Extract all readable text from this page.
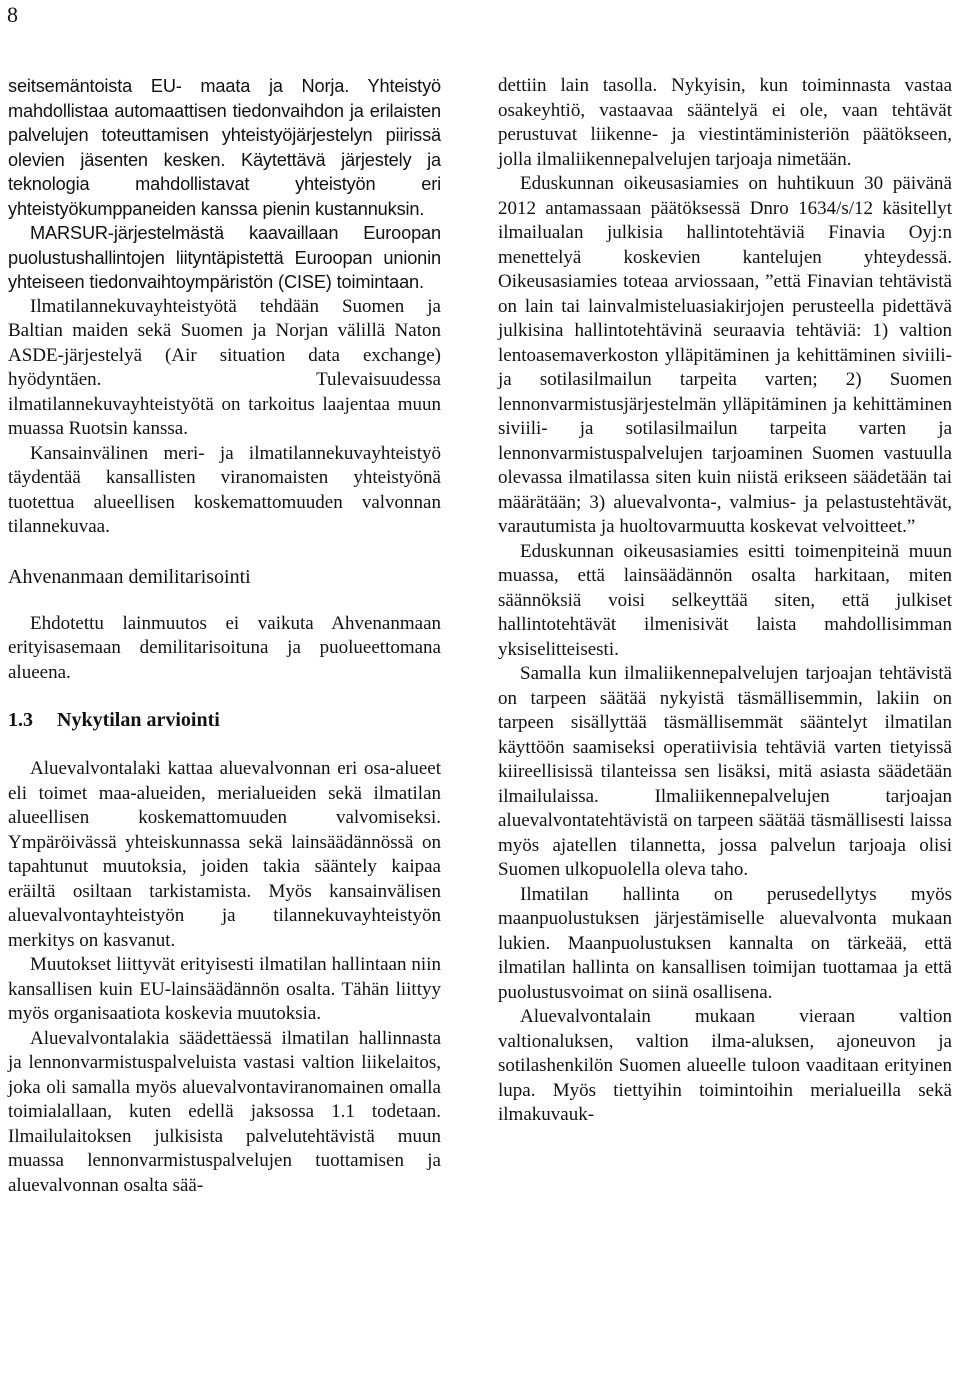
8

seitsemäntoista EU- maata ja Norja. Yhteistyö mahdollistaa automaattisen tiedonvaihdon ja erilaisten palvelujen toteuttamisen yhteistyöjärjestelyn piirissä olevien jäsenten kesken. Käytettävä järjestely ja teknologia mahdollistavat yhteistyön eri yhteistyökumppaneiden kanssa pienin kustannuksin.

MARSUR-järjestelmästä kaavaillaan Euroopan puolustushallintojen liityntäpistettä Euroopan unionin yhteiseen tiedonvaihtoympäristön (CISE) toimintaan.

Ilmatilannekuvayhteistyötä tehdään Suomen ja Baltian maiden sekä Suomen ja Norjan välillä Naton ASDE-järjestelyä (Air situation data exchange) hyödyntäen. Tulevaisuudessa ilmatilannekuvayhteistyötä on tarkoitus laajentaa muun muassa Ruotsin kanssa.

Kansainvälinen meri- ja ilmatilannekuvayhteistyö täydentää kansallisten viranomaisten yhteistyönä tuotettua alueellisen koskemattomuuden valvonnan tilannekuvaa.

Ahvenanmaan demilitarisointi

Ehdotettu lainmuutos ei vaikuta Ahvenanmaan erityisasemaan demilitarisoituna ja puolueettomana alueena.

1.3 Nykytilan arviointi

Aluevalvontalaki kattaa aluevalvonnan eri osa-alueet eli toimet maa-alueiden, merialueiden sekä ilmatilan alueellisen koskemattomuuden valvomiseksi. Ympäröivässä yhteiskunnassa sekä lainsäädännössä on tapahtunut muutoksia, joiden takia sääntely kaipaa eräiltä osiltaan tarkistamista. Myös kansainvälisen aluevalvontayhteistyön ja tilannekuvayhteistyön merkitys on kasvanut.

Muutokset liittyvät erityisesti ilmatilan hallintaan niin kansallisen kuin EU-lainsäädännön osalta. Tähän liittyy myös organisaatiota koskevia muutoksia.

Aluevalvontalakia säädettäessä ilmatilan hallinnasta ja lennonvarmistuspalveluista vastasi valtion liikelaitos, joka oli samalla myös aluevalvontaviranomainen omalla toimialallaan, kuten edellä jaksossa 1.1 todetaan. Ilmailulaitoksen julkisista palvelutehtävistä muun muassa lennonvarmistuspalvelujen tuottamisen ja aluevalvonnan osalta sää-

dettiin lain tasolla. Nykyisin, kun toiminnasta vastaa osakeyhtiö, vastaavaa sääntelyä ei ole, vaan tehtävät perustuvat liikenne- ja viestintäministeriön päätökseen, jolla ilmaliikennepalvelujen tarjoaja nimetään.

Eduskunnan oikeusasiamies on huhtikuun 30 päivänä 2012 antamassaan päätöksessä Dnro 1634/s/12 käsitellyt ilmailualan julkisia hallintotehtäviä Finavia Oyj:n menettelyä koskevien kantelujen yhteydessä. Oikeusasiamies toteaa arviossaan, ”että Finavian tehtävistä on lain tai lainvalmisteluasiakirjojen perusteella pidettävä julkisina hallintotehtävinä seuraavia tehtäviä: 1) valtion lentoasemaverkoston ylläpitäminen ja kehittäminen siviili- ja sotilasilmailun tarpeita varten; 2) Suomen lennonvarmistusjärjestelmän ylläpitäminen ja kehittäminen siviili- ja sotilasilmailun tarpeita varten ja lennonvarmistuspalvelujen tarjoaminen Suomen vastuulla olevassa ilmatilassa siten kuin niistä erikseen säädetään tai määrätään; 3) aluevalvonta-, valmius- ja pelastustehtävät, varautumista ja huoltovarmuutta koskevat velvoitteet.”

Eduskunnan oikeusasiamies esitti toimenpiteinä muun muassa, että lainsäädännön osalta harkitaan, miten säännöksiä voisi selkeyttää siten, että julkiset hallintotehtävät ilmenisivät laista mahdollisimman yksiselitteisesti.

Samalla kun ilmaliikennepalvelujen tarjoajan tehtävistä on tarpeen säätää nykyistä täsmällisemmin, lakiin on tarpeen sisällyttää täsmällisemmät sääntelyt ilmatilan käyttöön saamiseksi operatiivisia tehtäviä varten tietyissä kiireellisissä tilanteissa sen lisäksi, mitä asiasta säädetään ilmailulaissa. Ilmaliikennepalvelujen tarjoajan aluevalvontatehtävistä on tarpeen säätää täsmällisesti laissa myös ajatellen tilannetta, jossa palvelun tarjoaja olisi Suomen ulkopuolella oleva taho.

Ilmatilan hallinta on perusedellytys myös maanpuolustuksen järjestämiselle aluevalvonta mukaan lukien. Maanpuolustuksen kannalta on tärkeää, että ilmatilan hallinta on kansallisen toimijan tuottamaa ja että puolustusvoimat on siinä osallisena.

Aluevalvontalain mukaan vieraan valtion valtionaluksen, valtion ilma-aluksen, ajoneuvon ja sotilashenkilön Suomen alueelle tuloon vaaditaan erityinen lupa. Myös tiettyihin toimintoihin merialueilla sekä ilmakuvauk-
